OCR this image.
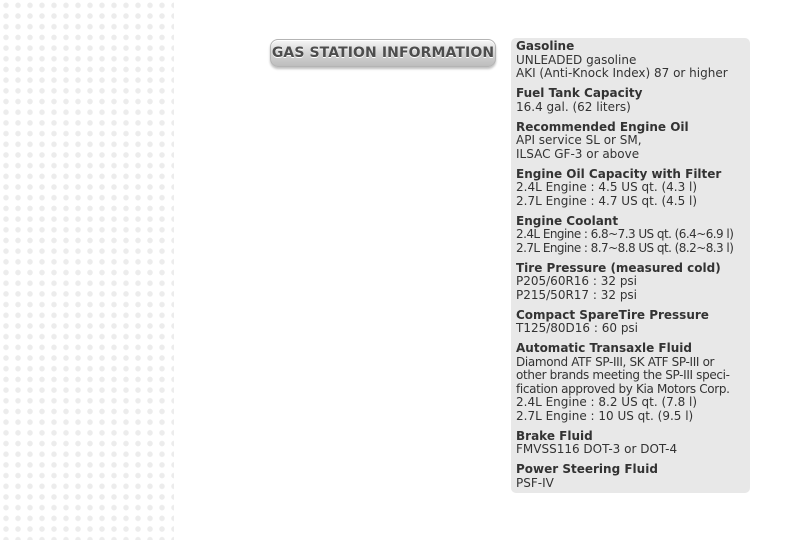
GAS STATION INFORMATION Gasoline
UNLEADED gasoline
AKI (Anti-Knock Index) 87 or higher
Fuel Tank Capacity
16.4 gal. (62 liters)
Recommended Engine Oil
API service SL or SM,
ILSAC GF-3 or above
Engine Oil Capacity with Filter
2.4L Engine : 4.5 US qt. (4.3 l)
2.7L Engine : 4.7 US qt. (4.5 l)
Engine Coolant
2.4L Engine : 6.8~7.3 US qt. (6.4~6.9 l)
2.7L Engine : 8.7~8.8 US qt. (8.2~8.3 l)
Tire Pressure (measured cold)
P205/60R16 : 32 psi
P215/50R17 : 32 psi
Compact SpareTire Pressure
T125/80D16 : 60 psi
Automatic Transaxle Fluid
Diamond ATF SP-III, SK ATF SP-III or
other brands meeting the SP-III speci-
fication approved by Kia Motors Corp.
2.4L Engine : 8.2 US qt. (7.8 l)
2.7L Engine : 10 US qt. (9.5 l)
Brake Fluid
FMVSS116 DOT-3 or DOT-4
Power Steering Fluid
PSF-IV
